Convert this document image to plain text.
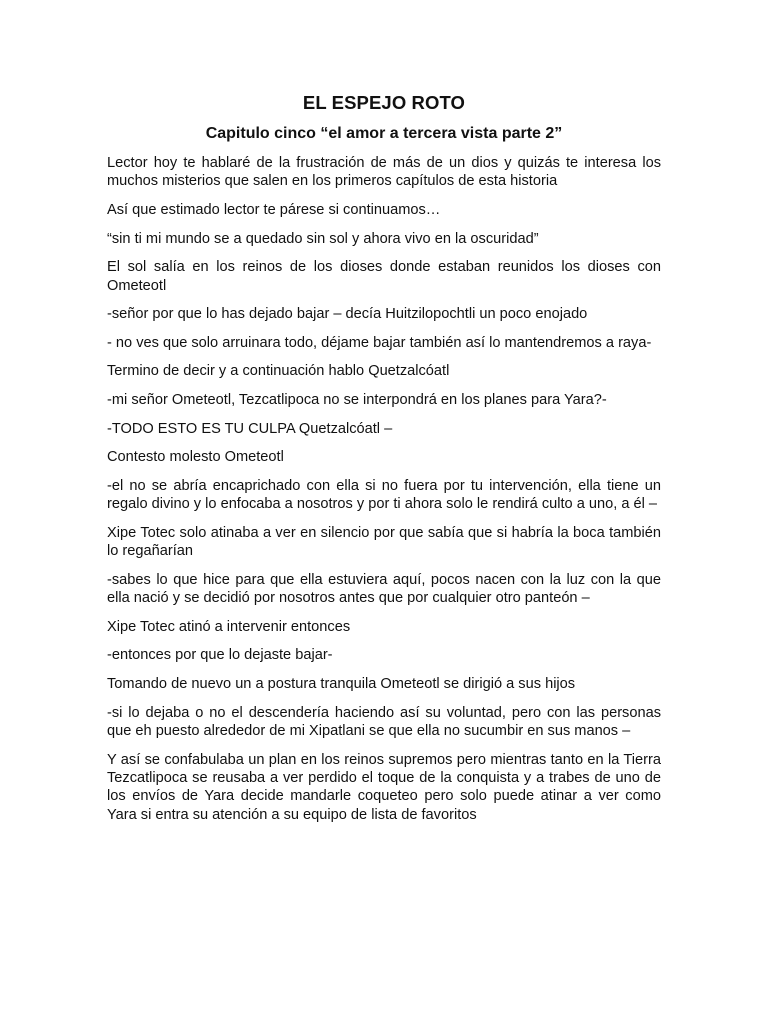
EL ESPEJO ROTO
Capitulo cinco “el amor a tercera vista parte 2”

Lector hoy te hablaré de la frustración de más de un dios y quizás te interesa los muchos misterios que salen en los primeros capítulos de esta historia

Así que estimado lector te párese si continuamos…

“sin ti mi mundo se a quedado sin sol y ahora vivo en la oscuridad”

El sol salía en los reinos de los dioses donde estaban reunidos los dioses con Ometeotl

-señor por que lo has dejado bajar – decía Huitzilopochtli un poco enojado

- no ves que solo arruinara todo, déjame bajar también así lo mantendremos a raya-

Termino de decir y a continuación hablo Quetzalcóatl

-mi señor Ometeotl, Tezcatlipoca no se interpondrá en los planes para Yara?-

-TODO ESTO ES TU CULPA Quetzalcóatl –

Contesto molesto Ometeotl

-el no se abría encaprichado con ella si no fuera por tu intervención, ella tiene un regalo divino y lo enfocaba a nosotros y por ti ahora solo le rendirá culto a uno, a él –

Xipe Totec solo atinaba a ver en silencio por que sabía que si habría la boca también lo regañarían

-sabes lo que hice para que ella estuviera aquí, pocos nacen con la luz con la que ella nació y se decidió por nosotros antes que por cualquier otro panteón –

Xipe Totec atinó a intervenir entonces

-entonces por que lo dejaste bajar-

Tomando de nuevo un a postura tranquila Ometeotl se dirigió a sus hijos

-si lo dejaba o no el descendería haciendo así su voluntad, pero con las personas que eh puesto alrededor de mi Xipatlani se que ella no sucumbir en sus manos –

Y así se confabulaba un plan en los reinos supremos pero mientras tanto en la Tierra Tezcatlipoca se reusaba a ver perdido el toque de la conquista y a trabes de uno de los envíos de Yara decide mandarle coqueteo pero solo puede atinar a ver como Yara si entra su atención a su equipo de lista de favoritos
